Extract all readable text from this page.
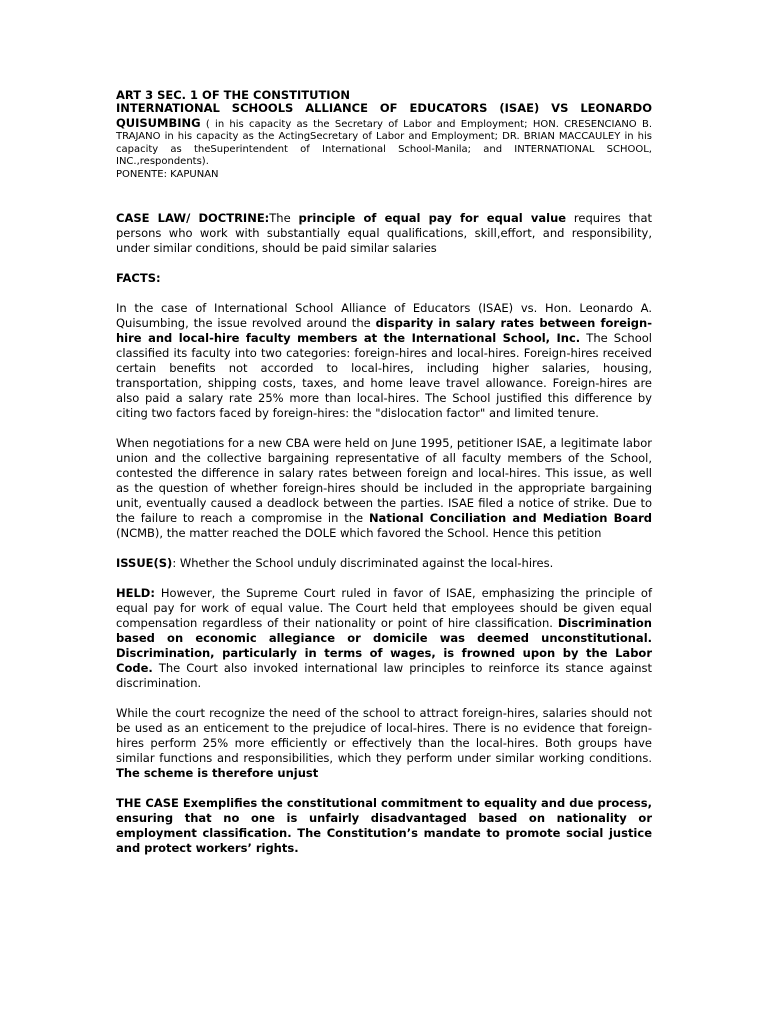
ART 3 SEC. 1 OF THE CONSTITUTION

INTERNATIONAL SCHOOLS ALLIANCE OF EDUCATORS (ISAE) VS LEONARDO QUISUMBING ( in his capacity as the Secretary of Labor and Employment; HON. CRESENCIANO B. TRAJANO in his capacity as the ActingSecretary of Labor and Employment; DR. BRIAN MACCAULEY in his capacity as theSuperintendent of International School-Manila; and INTERNATIONAL SCHOOL, INC.,respondents).

PONENTE: KAPUNAN

CASE LAW/ DOCTRINE:The principle of equal pay for equal value requires that persons who work with substantially equal qualifications, skill,effort, and responsibility, under similar conditions, should be paid similar salaries

FACTS:

In the case of International School Alliance of Educators (ISAE) vs. Hon. Leonardo A. Quisumbing, the issue revolved around the disparity in salary rates between foreign-hire and local-hire faculty members at the International School, Inc. The School classified its faculty into two categories: foreign-hires and local-hires. Foreign-hires received certain benefits not accorded to local-hires, including higher salaries, housing, transportation, shipping costs, taxes, and home leave travel allowance. Foreign-hires are also paid a salary rate 25% more than local-hires. The School justified this difference by citing two factors faced by foreign-hires: the "dislocation factor" and limited tenure.

When negotiations for a new CBA were held on June 1995, petitioner ISAE, a legitimate labor union and the collective bargaining representative of all faculty members of the School, contested the difference in salary rates between foreign and local-hires. This issue, as well as the question of whether foreign-hires should be included in the appropriate bargaining unit, eventually caused a deadlock between the parties. ISAE filed a notice of strike. Due to the failure to reach a compromise in the National Conciliation and Mediation Board (NCMB), the matter reached the DOLE which favored the School. Hence this petition

ISSUE(S): Whether the School unduly discriminated against the local-hires.

HELD: However, the Supreme Court ruled in favor of ISAE, emphasizing the principle of equal pay for work of equal value. The Court held that employees should be given equal compensation regardless of their nationality or point of hire classification. Discrimination based on economic allegiance or domicile was deemed unconstitutional. Discrimination, particularly in terms of wages, is frowned upon by the Labor Code. The Court also invoked international law principles to reinforce its stance against discrimination.

While the court recognize the need of the school to attract foreign-hires, salaries should not be used as an enticement to the prejudice of local-hires. There is no evidence that foreign-hires perform 25% more efficiently or effectively than the local-hires. Both groups have similar functions and responsibilities, which they perform under similar working conditions. The scheme is therefore unjust

THE CASE Exemplifies the constitutional commitment to equality and due process, ensuring that no one is unfairly disadvantaged based on nationality or employment classification. The Constitution’s mandate to promote social justice and protect workers’ rights.
